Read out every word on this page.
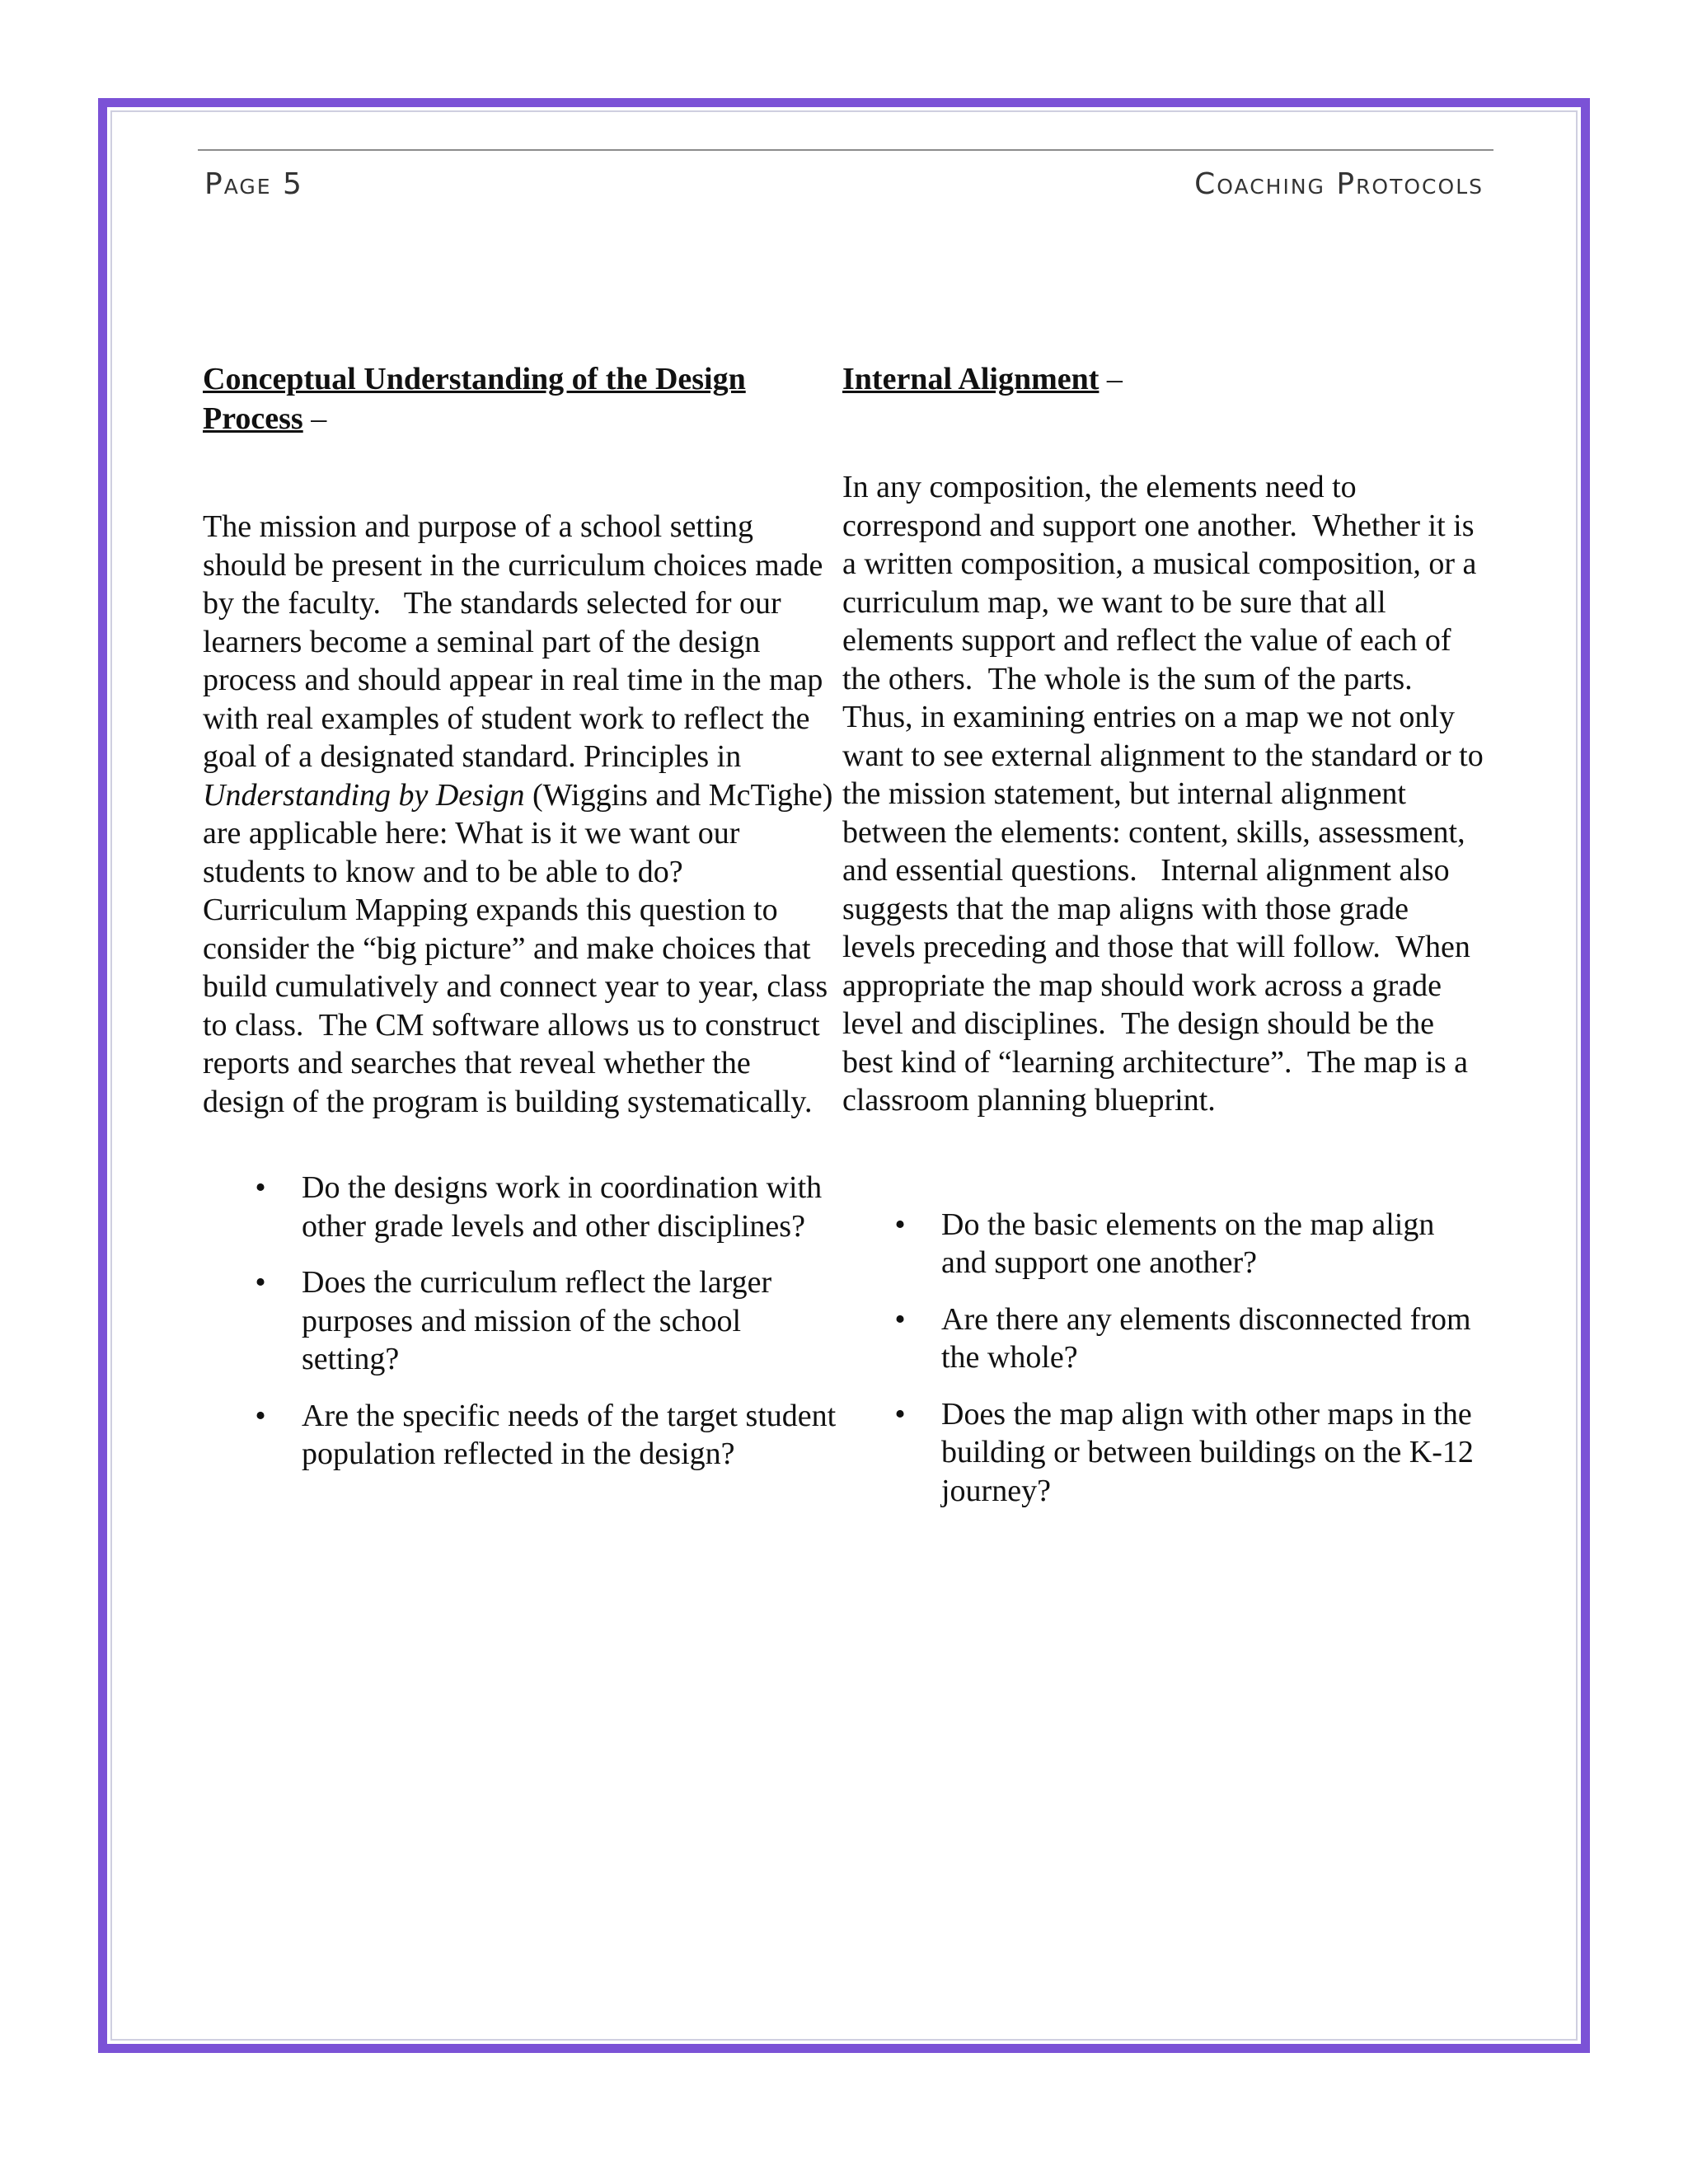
Page 5	Coaching Protocols
Conceptual Understanding of the Design Process –

The mission and purpose of a school setting should be present in the curriculum choices made by the faculty.   The standards selected for our learners become a seminal part of the design process and should appear in real time in the map with real examples of student work to reflect the goal of a designated standard. Principles in Understanding by Design (Wiggins and McTighe) are applicable here: What is it we want our students to know and to be able to do?  Curriculum Mapping expands this question to consider the “big picture” and make choices that build cumulatively and connect year to year, class to class.  The CM software allows us to construct reports and searches that reveal whether the design of the program is building systematically.

• Do the designs work in coordination with other grade levels and other disciplines?
• Does the curriculum reflect the larger purposes and mission of the school setting?
• Are the specific needs of the target student population reflected in the design?
Internal Alignment –

In any composition, the elements need to correspond and support one another.  Whether it is a written composition, a musical composition, or a curriculum map, we want to be sure that all elements support and reflect the value of each of the others.  The whole is the sum of the parts.  Thus, in examining entries on a map we not only want to see external alignment to the standard or to the mission statement, but internal alignment between the elements: content, skills, assessment, and essential questions.   Internal alignment also suggests that the map aligns with those grade levels preceding and those that will follow.  When appropriate the map should work across a grade level and disciplines.  The design should be the best kind of “learning architecture”.  The map is a classroom planning blueprint.

• Do the basic elements on the map align and support one another?
• Are there any elements disconnected from the whole?
• Does the map align with other maps in the building or between buildings on the K-12 journey?
